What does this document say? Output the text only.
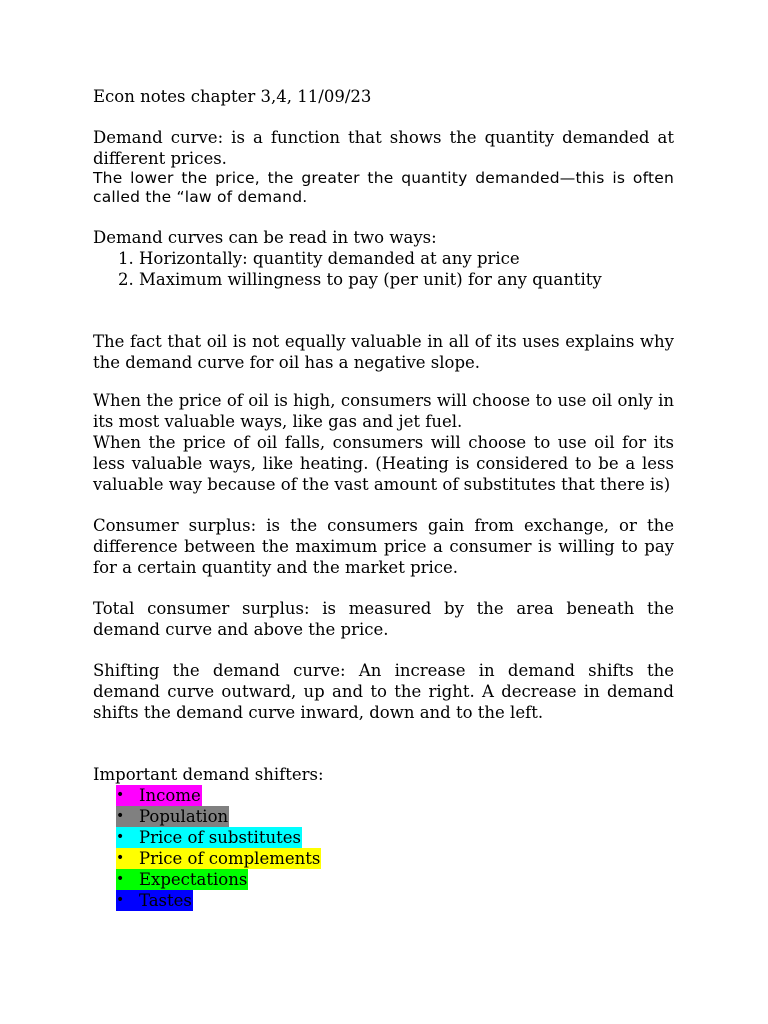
Econ notes chapter 3,4, 11/09/23

Demand curve: is a function that shows the quantity demanded at different prices.

The lower the price, the greater the quantity demanded—this is often called the “law of demand.

Demand curves can be read in two ways:

1. Horizontally: quantity demanded at any price
2. Maximum willingness to pay (per unit) for any quantity

The fact that oil is not equally valuable in all of its uses explains why the demand curve for oil has a negative slope.

When the price of oil is high, consumers will choose to use oil only in its most valuable ways, like gas and jet fuel.

When the price of oil falls, consumers will choose to use oil for its less valuable ways, like heating. (Heating is considered to be a less valuable way because of the vast amount of substitutes that there is)

Consumer surplus: is the consumers gain from exchange, or the difference between the maximum price a consumer is willing to pay for a certain quantity and the market price.

Total consumer surplus: is measured by the area beneath the demand curve and above the price.

Shifting the demand curve: An increase in demand shifts the demand curve outward, up and to the right. A decrease in demand shifts the demand curve inward, down and to the left.

Important demand shifters:

• Income
• Population
• Price of substitutes
• Price of complements
• Expectations
• Tastes
